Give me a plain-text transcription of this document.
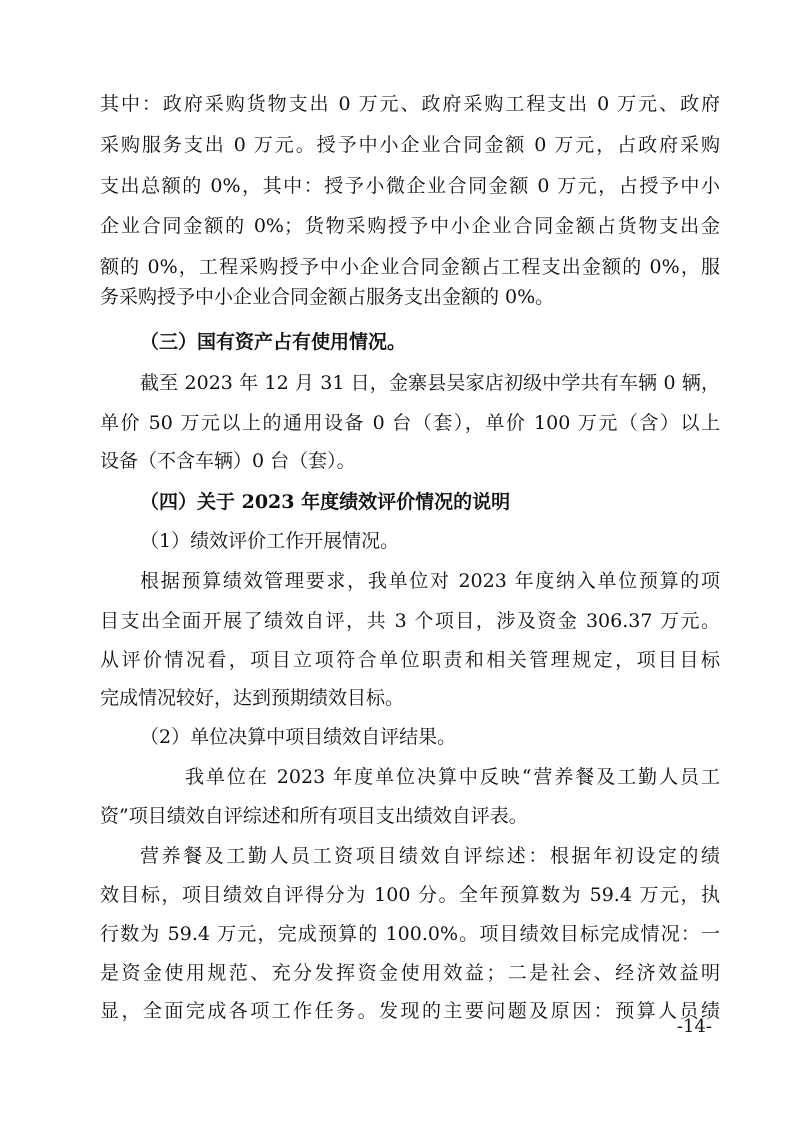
其中：政府采购货物支出 0 万元、政府采购工程支出 0 万元、政府
采购服务支出 0 万元。授予中小企业合同金额 0 万元，占政府采购
支出总额的 0%，其中：授予小微企业合同金额 0 万元，占授予中小
企业合同金额的 0%；货物采购授予中小企业合同金额占货物支出金
额的 0%，工程采购授予中小企业合同金额占工程支出金额的 0%，服
务采购授予中小企业合同金额占服务支出金额的 0%。
（三）国有资产占有使用情况。
截至 2023 年 12 月 31 日，金寨县吴家店初级中学共有车辆 0 辆，
单价 50 万元以上的通用设备 0 台（套），单价 100 万元（含）以上
设备（不含车辆）0 台（套）。
（四）关于 2023 年度绩效评价情况的说明
（1）绩效评价工作开展情况。
根据预算绩效管理要求，我单位对 2023 年度纳入单位预算的项
目支出全面开展了绩效自评，共 3 个项目，涉及资金 306.37 万元。
从评价情况看，项目立项符合单位职责和相关管理规定，项目目标
完成情况较好，达到预期绩效目标。
（2）单位决算中项目绩效自评结果。
我单位在 2023 年度单位决算中反映“营养餐及工勤人员工
资”项目绩效自评综述和所有项目支出绩效自评表。
营养餐及工勤人员工资项目绩效自评综述：根据年初设定的绩
效目标，项目绩效自评得分为 100 分。全年预算数为 59.4 万元，执
行数为 59.4 万元，完成预算的 100.0%。项目绩效目标完成情况：一
是资金使用规范、充分发挥资金使用效益；二是社会、经济效益明
显，全面完成各项工作任务。发现的主要问题及原因：预算人员绩
-14-
